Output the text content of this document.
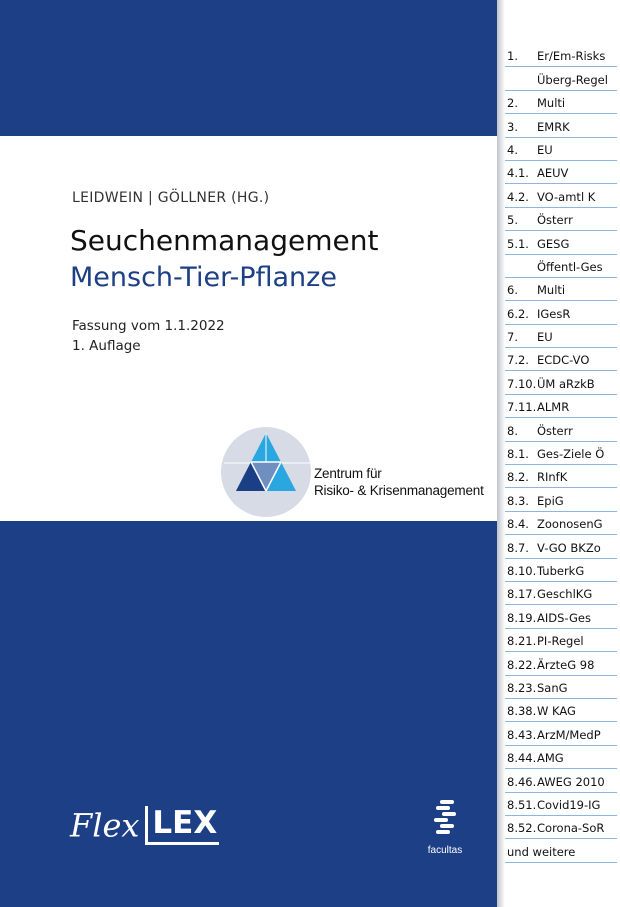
LEIDWEIN | GÖLLNER (HG.)
Seuchenmanagement
Mensch-Tier-Pflanze
Fassung vom 1.1.2022
1. Auflage
Zentrum für
Risiko- & Krisenmanagement
Flex LEX
facultas
1. Er/Em-Risks
Überg-Regel
2. Multi
3. EMRK
4. EU
4.1. AEUV
4.2. VO-amtl K
5. Österr
5.1. GESG
Öffentl-Ges
6. Multi
6.2. IGesR
7. EU
7.2. ECDC-VO
7.10. ÜM aRzkB
7.11. ALMR
8. Österr
8.1. Ges-Ziele Ö
8.2. RInfK
8.3. EpiG
8.4. ZoonosenG
8.7. V-GO BKZo
8.10. TuberkG
8.17. GeschlKG
8.19. AIDS-Ges
8.21. PI-Regel
8.22. ÄrzteG 98
8.23. SanG
8.38. W KAG
8.43. ArzM/MedP
8.44. AMG
8.46. AWEG 2010
8.51. Covid19-IG
8.52. Corona-SoR
und weitere
